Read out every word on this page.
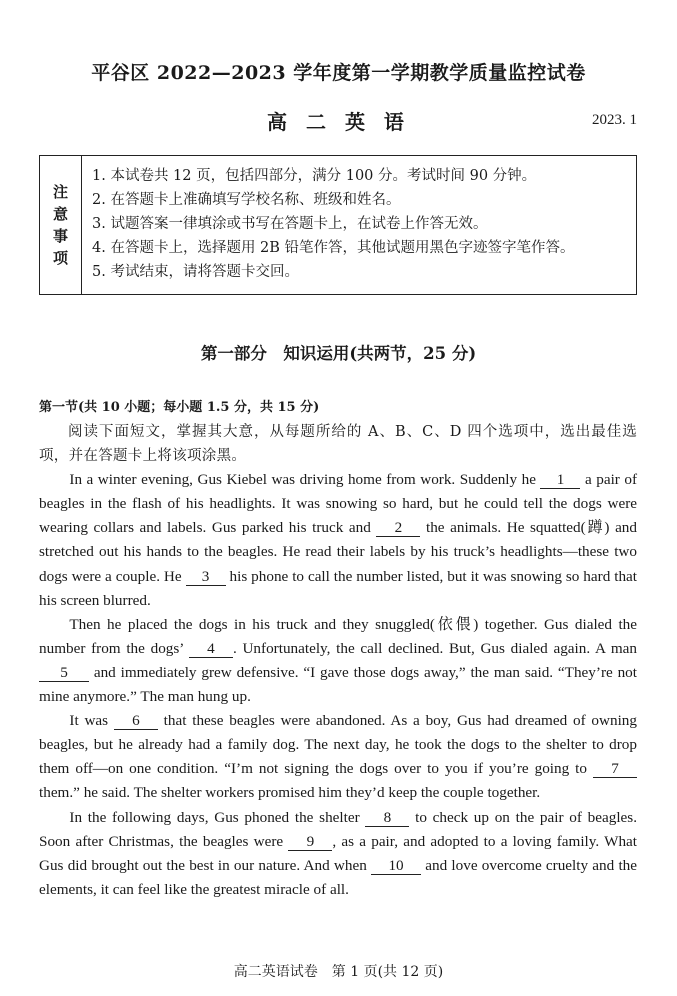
平谷区 2022—2023 学年度第一学期教学质量监控试卷
高 二 英 语	2023. 1
注
意
事
项
1. 本试卷共 12 页，包括四部分，满分 100 分。考试时间 90 分钟。
2. 在答题卡上准确填写学校名称、班级和姓名。
3. 试题答案一律填涂或书写在答题卡上，在试卷上作答无效。
4. 在答题卡上，选择题用 2B 铅笔作答，其他试题用黑色字迹签字笔作答。
5. 考试结束，请将答题卡交回。
第一部分　知识运用(共两节，25 分)
第一节(共 10 小题；每小题 1.5 分，共 15 分)

阅读下面短文，掌握其大意，从每题所给的 A、B、C、D 四个选项中，选出最佳选项，并在答题卡上将该项涂黑。

In a winter evening, Gus Kiebel was driving home from work. Suddenly he 1 a pair of beagles in the flash of his headlights. It was snowing so hard, but he could tell the dogs were wearing collars and labels. Gus parked his truck and 2 the animals. He squatted(蹲) and stretched out his hands to the beagles. He read their labels by his truck’s headlights—these two dogs were a couple. He 3 his phone to call the number listed, but it was snowing so hard that his screen blurred.

Then he placed the dogs in his truck and they snuggled(依偎) together. Gus dialed the number from the dogs’ 4 . Unfortunately, the call declined. But, Gus dialed again. A man 5 and immediately grew defensive. “I gave those dogs away,” the man said. “They’re not mine anymore.” The man hung up.

It was 6 that these beagles were abandoned. As a boy, Gus had dreamed of owning beagles, but he already had a family dog. The next day, he took the dogs to the shelter to drop them off—on one condition. “I’m not signing the dogs over to you if you’re going to 7 them.” he said. The shelter workers promised him they’d keep the couple together.

In the following days, Gus phoned the shelter 8 to check up on the pair of beagles. Soon after Christmas, the beagles were 9 , as a pair, and adopted to a loving family. What Gus did brought out the best in our nature. And when 10 and love overcome cruelty and the elements, it can feel like the greatest miracle of all.

高二英语试卷　第 1 页(共 12 页)
